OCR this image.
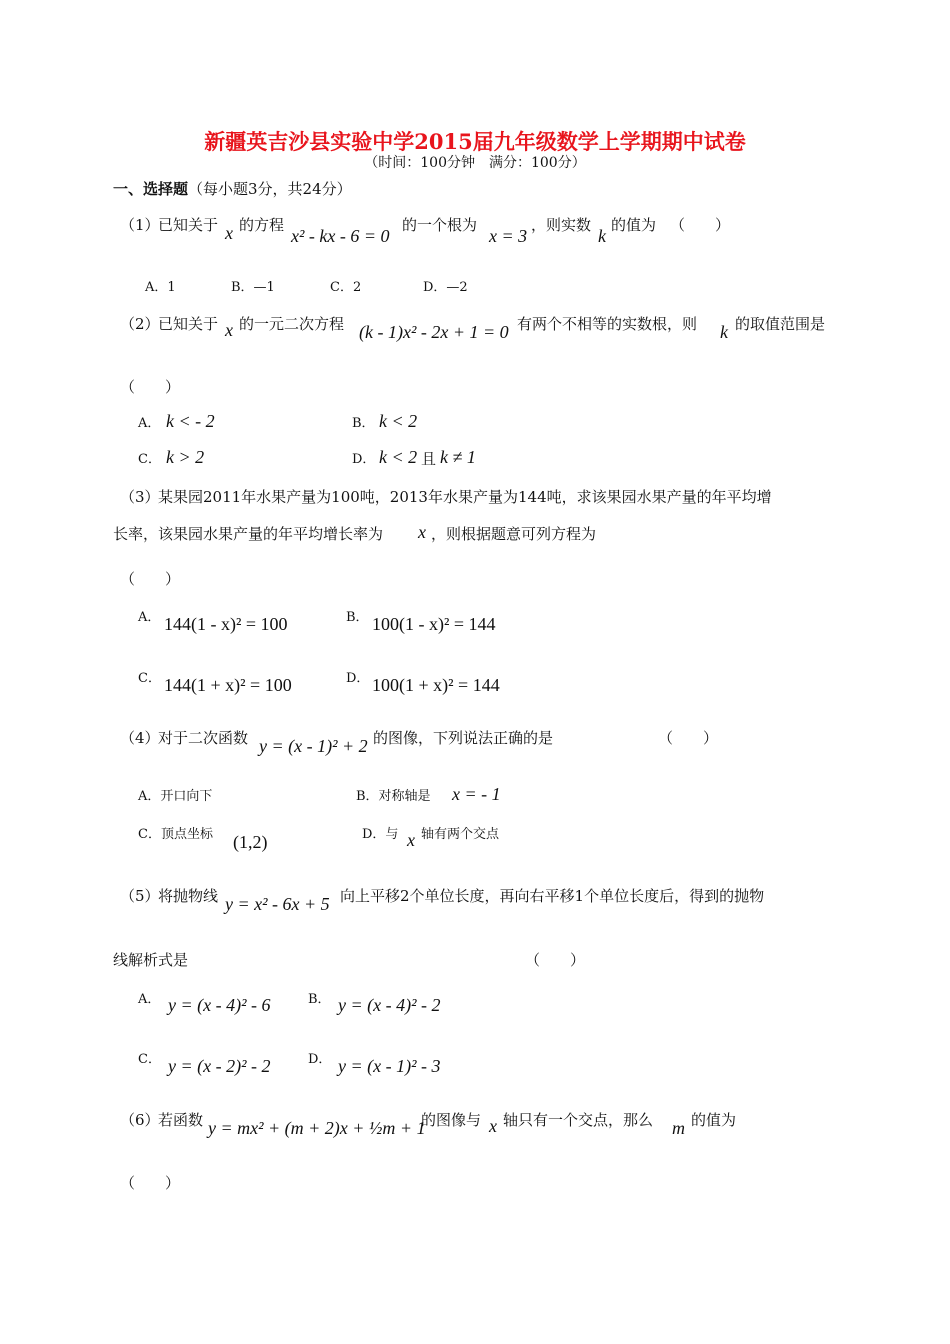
新疆英吉沙县实验中学2015届九年级数学上学期期中试卷
（时间：100分钟　满分：100分）
一、选择题（每小题3分，共24分）
（1）
已知关于 x 的方程
x² - kx - 6 = 0
的一个根为
x = 3
，则实数
k
的值为 （　　）
A．1	B．—1	C．2	D．—2
（2）
已知关于 x 的一元二次方程 (k - 1)x² - 2x + 1 = 0 有两个不相等的实数根，则 k 的取值范围是
（　　）
A． k < - 2	B． k < 2
C． k > 2	D． k < 2 且 k ≠ 1
（3）
某果园2011年水果产量为100吨，2013年水果产量为144吨，求该果园水果产量的年平均增
长率，该果园水果产量的年平均增长率为 x ，则根据题意可列方程为
（　　）
A． 144(1 - x)² = 100	B． 100(1 - x)² = 144
C． 144(1 + x)² = 100	D． 100(1 + x)² = 144
（4）
对于二次函数 y = (x - 1)² + 2 的图像，下列说法正确的是	（　　）
A．开口向下	B．对称轴是 x = - 1
C．顶点坐标 (1,2)	D．与 x 轴有两个交点
（5）
将抛物线 y = x² - 6x + 5 向上平移2个单位长度，再向右平移1个单位长度后，得到的抛物
线解析式是	（　　）
A． y = (x - 4)² - 6	B． y = (x - 4)² - 2
C． y = (x - 2)² - 2	D． y = (x - 1)² - 3
（6）
若函数 y = mx² + (m + 2)x + ½m + 1
的图像与 x 轴只有一个交点，那么 m 的值为
（　　）
